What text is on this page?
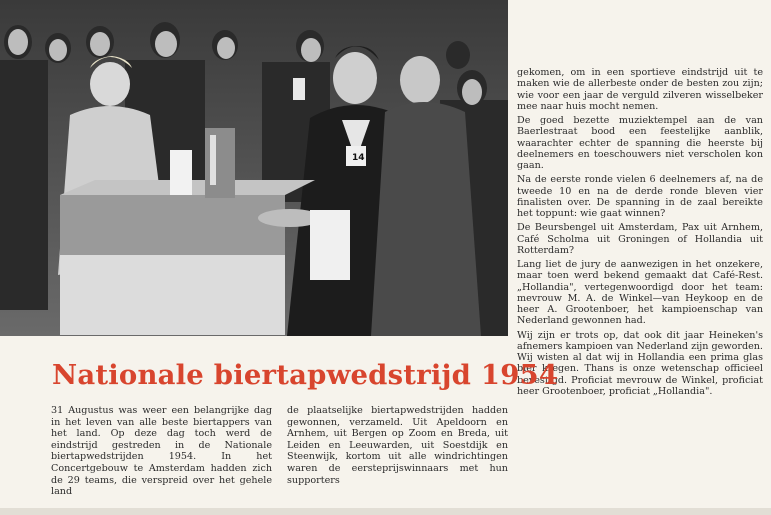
14

gekomen, om in een sportieve eindstrijd uit te maken wie de allerbeste onder de besten zou zijn; wie voor een jaar de verguld zilveren wisselbeker mee naar huis mocht nemen.

De goed bezette muziektempel aan de van Baerlestraat bood een feestelijke aanblik, waarachter echter de spanning die heerste bij deelnemers en toeschouwers niet verscholen kon gaan.

Na de eerste ronde vielen 6 deelnemers af, na de tweede 10 en na de derde ronde bleven vier finalisten over. De spanning in de zaal bereikte het toppunt: wie gaat winnen?

De Beursbengel uit Amsterdam, Pax uit Arnhem, Café Scholma uit Groningen of Hollandia uit Rotterdam?

Lang liet de jury de aanwezigen in het onzekere, maar toen werd bekend gemaakt dat Café-Rest. „Hollandia", vertegenwoordigd door het team: mevrouw M. A. de Winkel—van Heykoop en de heer A. Grootenboer, het kampioenschap van Nederland gewonnen had.

Wij zijn er trots op, dat ook dit jaar Heineken's afnemers kampioen van Nederland zijn geworden. Wij wisten al dat wij in Hollandia een prima glas bier kregen. Thans is onze wetenschap officieel bevestigd. Proficiat mevrouw de Winkel, proficiat heer Grootenboer, proficiat „Hollandia".

Nationale biertapwedstrijd 1954

31 Augustus was weer een belangrijke dag in het leven van alle beste biertappers van het land. Op deze dag toch werd de eindstrijd gestreden in de Nationale biertapwedstrijden 1954. In het Concertgebouw te Amsterdam hadden zich de 29 teams, die verspreid over het gehele land

de plaatselijke biertapwedstrijden hadden gewonnen, verzameld. Uit Apeldoorn en Arnhem, uit Bergen op Zoom en Breda, uit Leiden en Leeuwarden, uit Soestdijk en Steenwijk, kortom uit alle windrichtingen waren de eersteprijswinnaars met hun supporters
